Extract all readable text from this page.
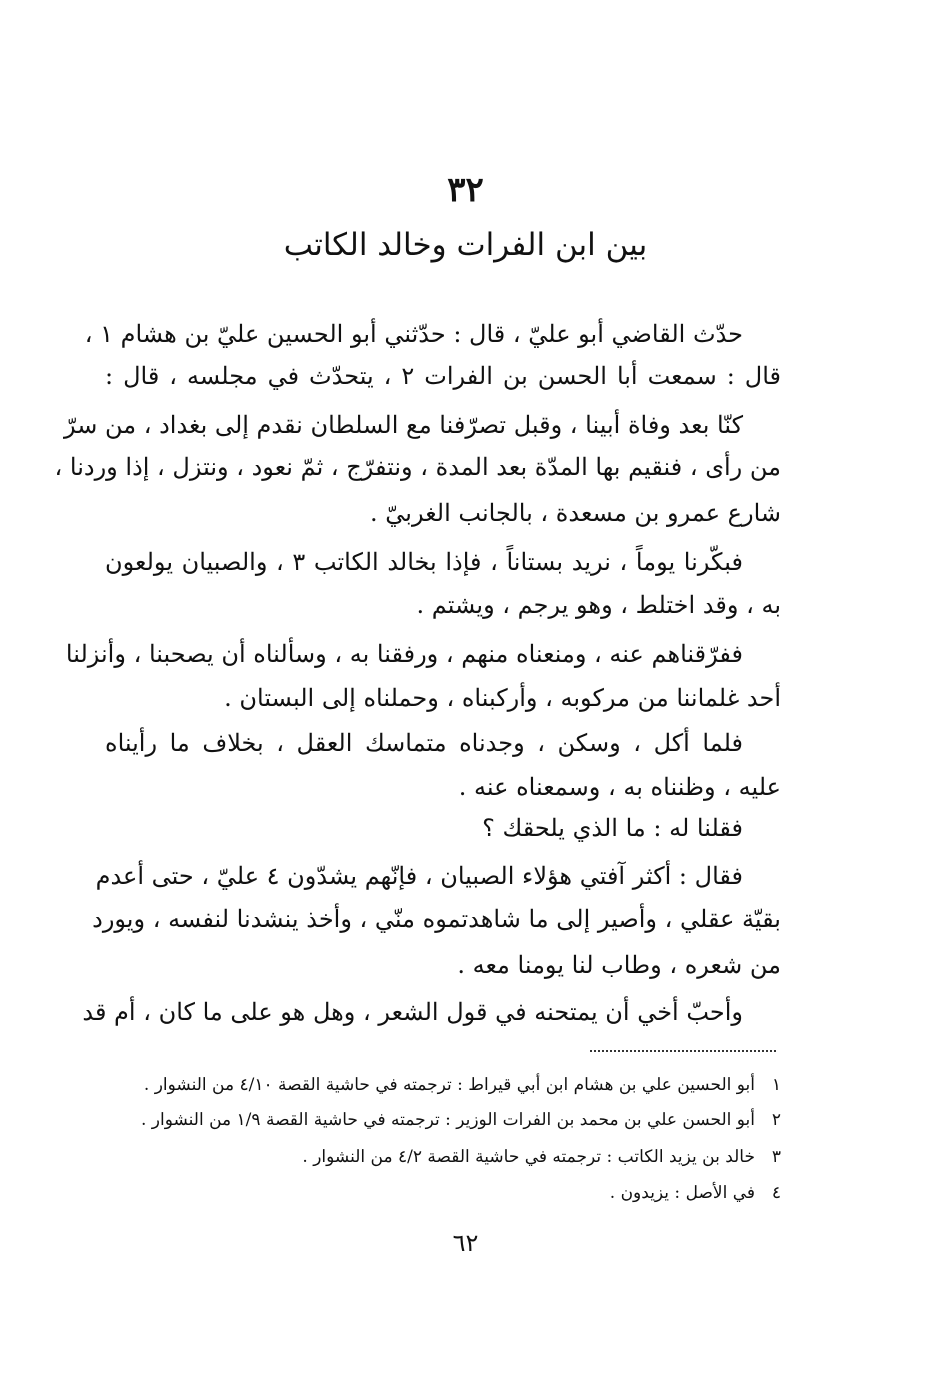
٣٢
بين ابن الفرات وخالد الكاتب
حدّث القاضي أبو عليّ ، قال : حدّثني أبو الحسين عليّ بن هشام ١ ،
قال : سمعت أبا الحسن بن الفرات ٢ ، يتحدّث في مجلسه ، قال :
كنّا بعد وفاة أبينا ، وقبل تصرّفنا مع السلطان نقدم إلى بغداد ، من سرّ
من رأى ، فنقيم بها المدّة بعد المدة ، ونتفرّج ، ثمّ نعود ، ونتزل ، إذا وردنا ،
شارع عمرو بن مسعدة ، بالجانب الغربيّ .
فبكّرنا يوماً ، نريد بستاناً ، فإذا بخالد الكاتب ٣ ، والصبيان يولعون
به ، وقد اختلط ، وهو يرجم ، ويشتم .
ففرّقناهم عنه ، ومنعناه منهم ، ورفقنا به ، وسألناه أن يصحبنا ، وأنزلنا
أحد غلماننا من مركوبه ، وأركبناه ، وحملناه إلى البستان .
فلما أكل ، وسكن ، وجدناه متماسك العقل ، بخلاف ما رأيناه
عليه ، وظنناه به ، وسمعناه عنه .
فقلنا له : ما الذي يلحقك ؟
فقال : أكثر آفتي هؤلاء الصبيان ، فإنّهم يشدّون ٤ عليّ ، حتى أعدم
بقيّة عقلي ، وأصير إلى ما شاهدتموه منّي ، وأخذ ينشدنا لنفسه ، ويورد
من شعره ، وطاب لنا يومنا معه .
وأحبّ أخي أن يمتحنه في قول الشعر ، وهل هو على ما كان ، أم قد
١أبو الحسين علي بن هشام ابن أبي قيراط : ترجمته في حاشية القصة ٤/١٠ من النشوار .
٢أبو الحسن علي بن محمد بن الفرات الوزير : ترجمته في حاشية القصة ١/٩ من النشوار .
٣خالد بن يزيد الكاتب : ترجمته في حاشية القصة ٤/٢ من النشوار .
٤في الأصل : يزيدون .
٦٢
